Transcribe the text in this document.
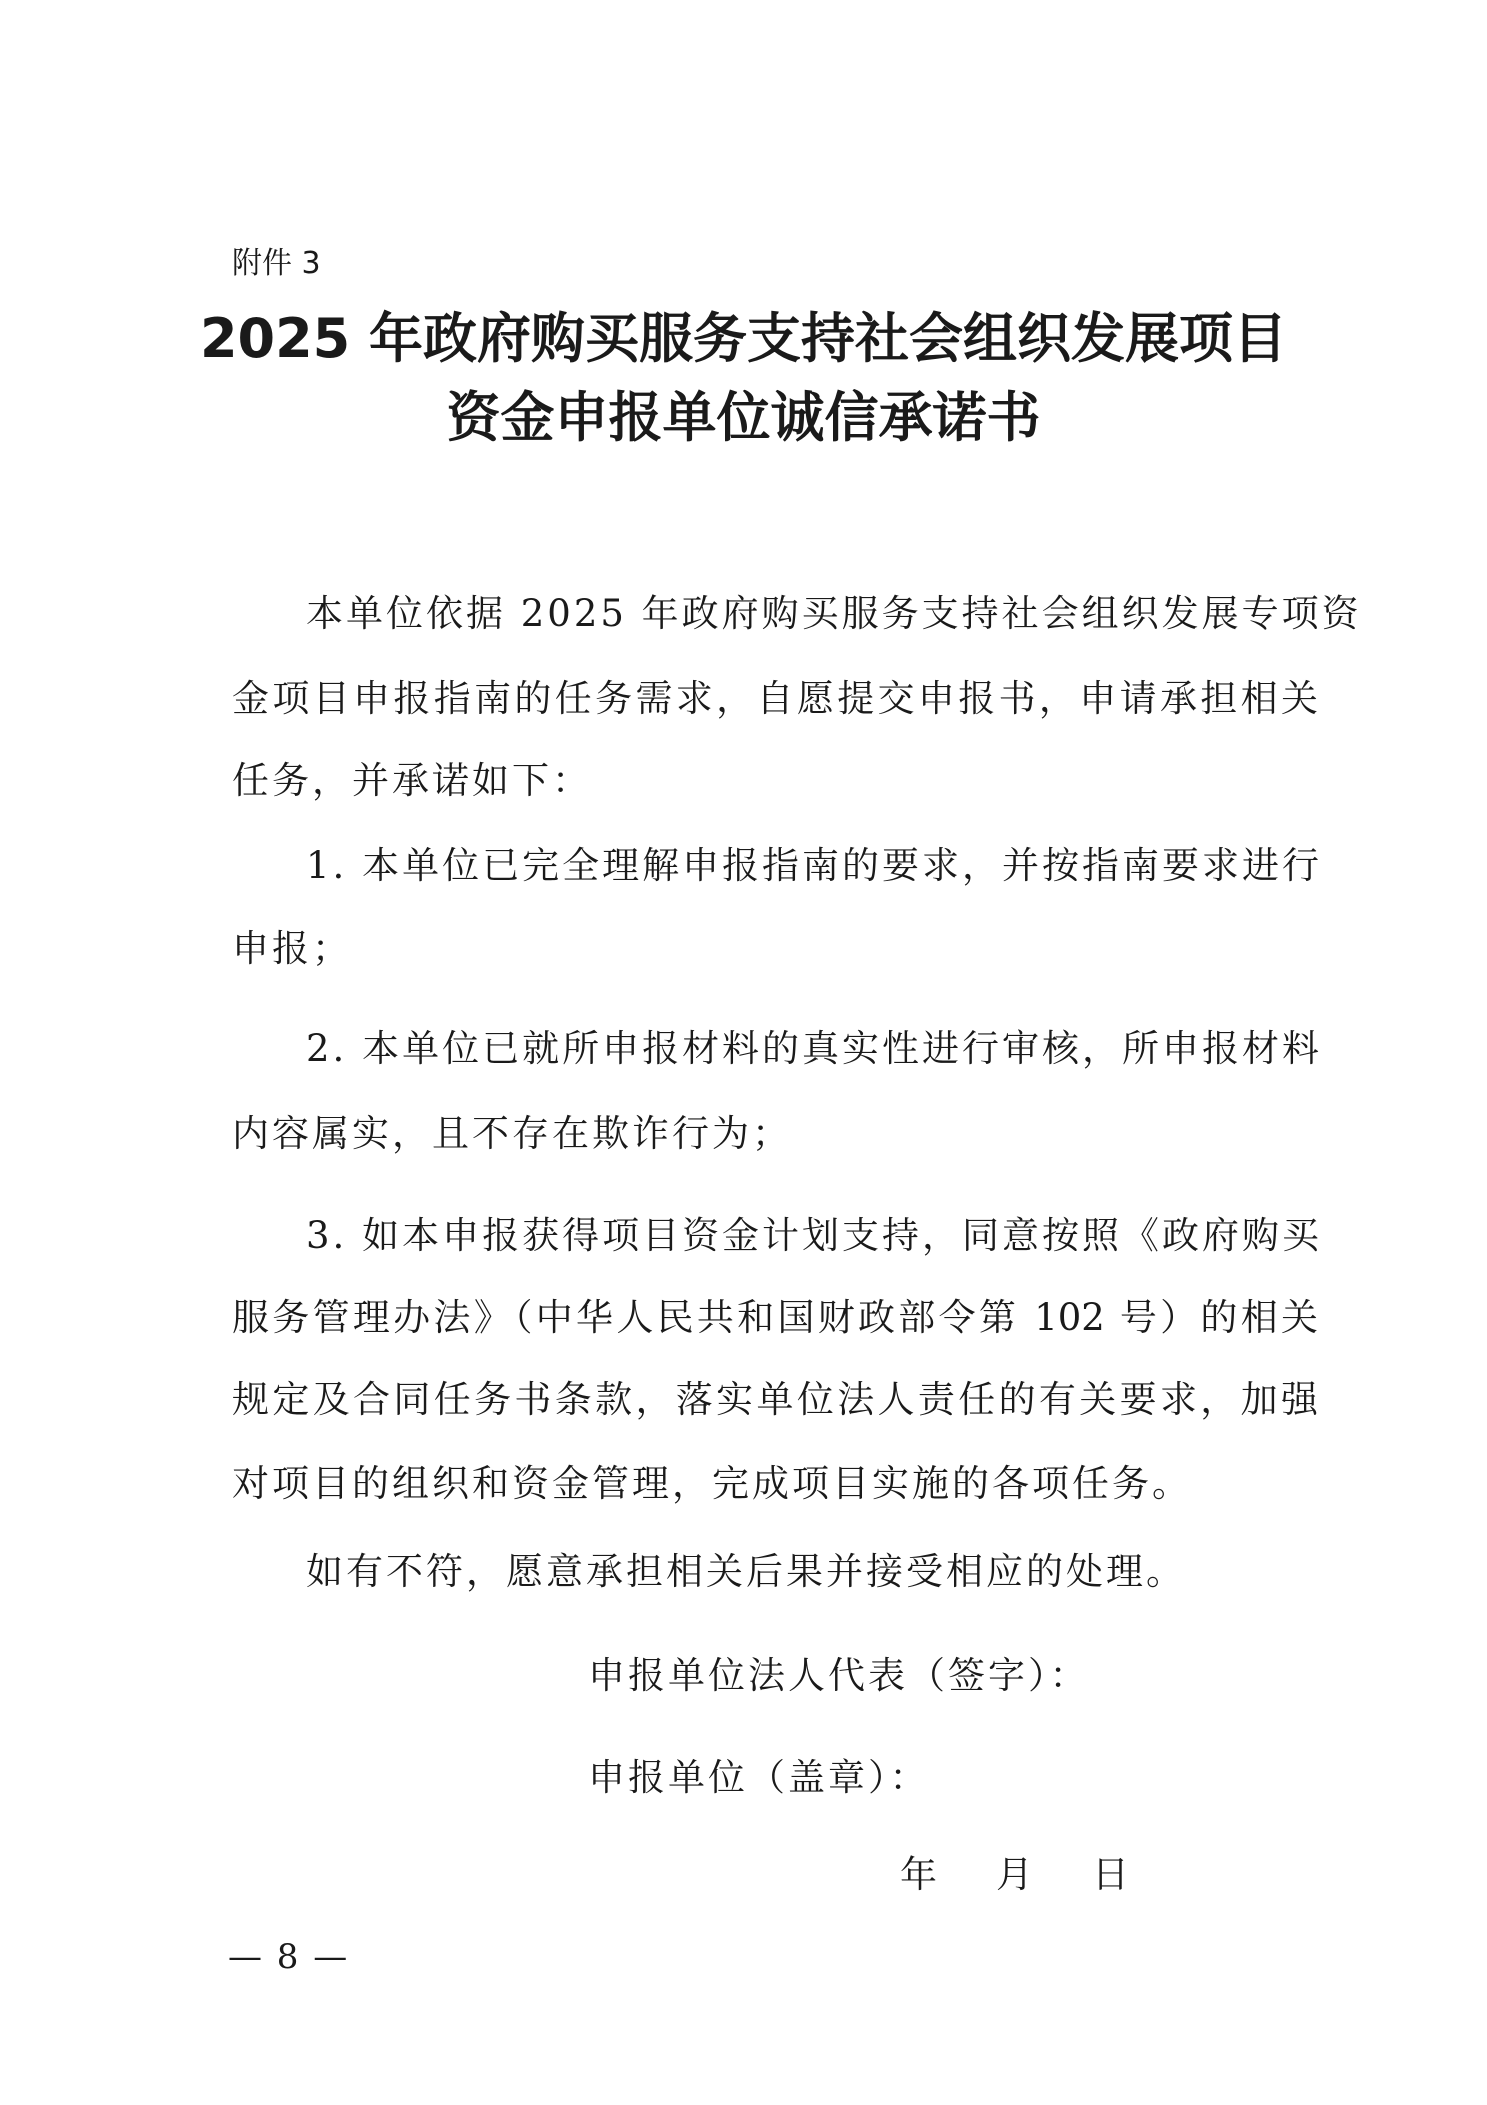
附件 3
2025 年政府购买服务支持社会组织发展项目
资金申报单位诚信承诺书
本单位依据 2025 年政府购买服务支持社会组织发展专项资
金项目申报指南的任务需求，自愿提交申报书，申请承担相关
任务，并承诺如下：
1. 本单位已完全理解申报指南的要求，并按指南要求进行
申报；
2. 本单位已就所申报材料的真实性进行审核，所申报材料
内容属实，且不存在欺诈行为；
3. 如本申报获得项目资金计划支持，同意按照《政府购买
服务管理办法》（中华人民共和国财政部令第 102 号）的相关
规定及合同任务书条款，落实单位法人责任的有关要求，加强
对项目的组织和资金管理，完成项目实施的各项任务。
如有不符，愿意承担相关后果并接受相应的处理。
申报单位法人代表（签字）：
申报单位（盖章）：
年 月 日
— 8 —
